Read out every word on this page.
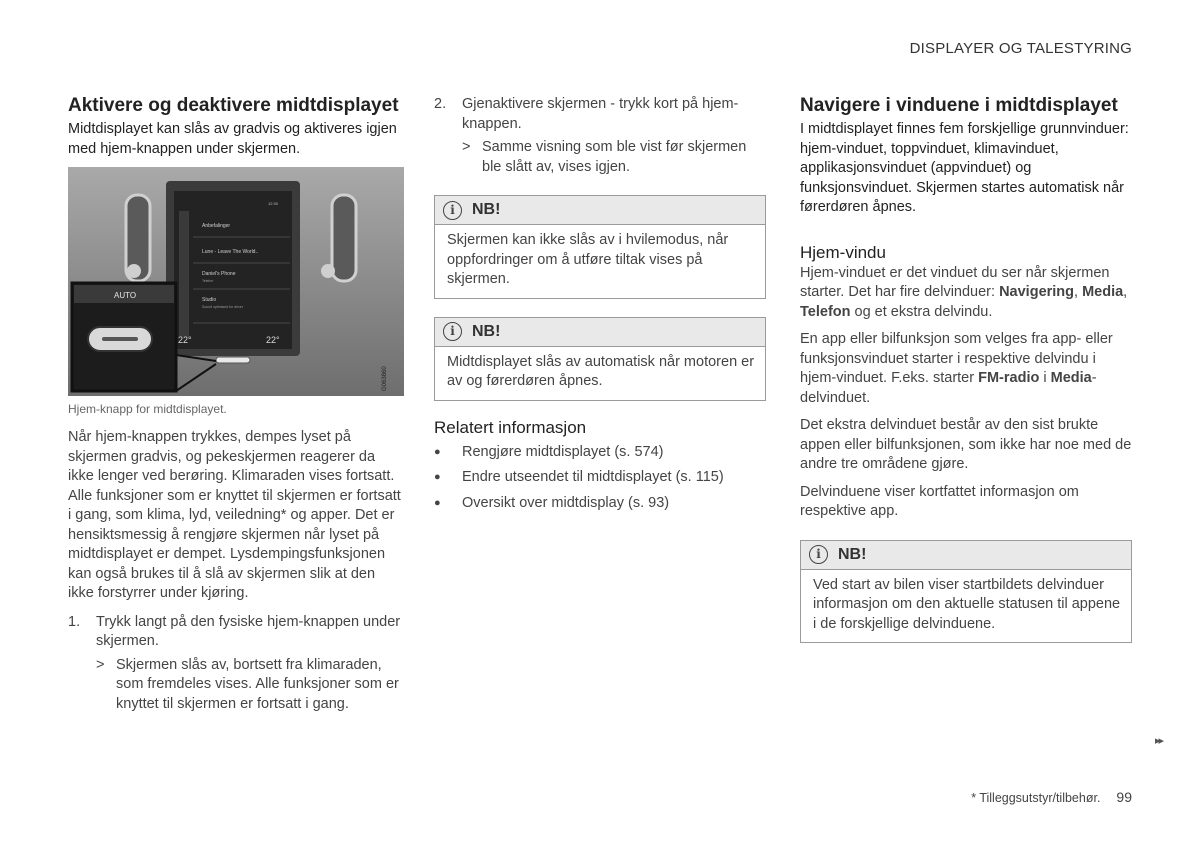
DISPLAYER OG TALESTYRING
Aktivere og deaktivere midtdisplayet
Midtdisplayet kan slås av gradvis og aktiveres igjen med hjem-knappen under skjermen.
Anbefalinger
Lune - Leave The World..
Daniel's Phone
Telefon
Studio
Sound optimised for driver
22°	22°
12:30
AUTO
G063860
Hjem-knapp for midtdisplayet.

Når hjem-knappen trykkes, dempes lyset på skjermen gradvis, og pekeskjermen reagerer da ikke lenger ved berøring. Klimaraden vises fortsatt. Alle funksjoner som er knyttet til skjermen er fortsatt i gang, som klima, lyd, veiledning* og apper. Det er hensiktsmessig å rengjøre skjermen når lyset på midtdisplayet er dempet. Lysdempingsfunksjonen kan også brukes til å slå av skjermen slik at den ikke forstyrrer under kjøring.

1.	Trykk langt på den fysiske hjem-knappen under skjermen.
> Skjermen slås av, bortsett fra klimaraden, som fremdeles vises. Alle funksjoner som er knyttet til skjermen er fortsatt i gang.
2.	Gjenaktivere skjermen - trykk kort på hjem-knappen.
> Samme visning som ble vist før skjermen ble slått av, vises igjen.
i	NB!
Skjermen kan ikke slås av i hvilemodus, når oppfordringer om å utføre tiltak vises på skjermen.
i	NB!
Midtdisplayet slås av automatisk når motoren er av og førerdøren åpnes.
Relatert informasjon
●	Rengjøre midtdisplayet (s. 574)
●	Endre utseendet til midtdisplayet (s. 115)
●	Oversikt over midtdisplay (s. 93)
Navigere i vinduene i midtdisplayet
I midtdisplayet finnes fem forskjellige grunnvinduer: hjem-vinduet, toppvinduet, klimavinduet, applikasjonsvinduet (appvinduet) og funksjonsvinduet. Skjermen startes automatisk når førerdøren åpnes.
Hjem-vindu

Hjem-vinduet er det vinduet du ser når skjermen starter. Det har fire delvinduer: Navigering, Media, Telefon og et ekstra delvindu.

En app eller bilfunksjon som velges fra app- eller funksjonsvinduet starter i respektive delvindu i hjem-vinduet. F.eks. starter FM-radio i Media-delvinduet.

Det ekstra delvinduet består av den sist brukte appen eller bilfunksjonen, som ikke har noe med de andre tre områdene gjøre.

Delvinduene viser kortfattet informasjon om respektive app.

i	NB!
Ved start av bilen viser startbildets delvinduer informasjon om den aktuelle statusen til appene i de forskjellige delvinduene.
▸▸
* Tilleggsutstyr/tilbehør. 99
